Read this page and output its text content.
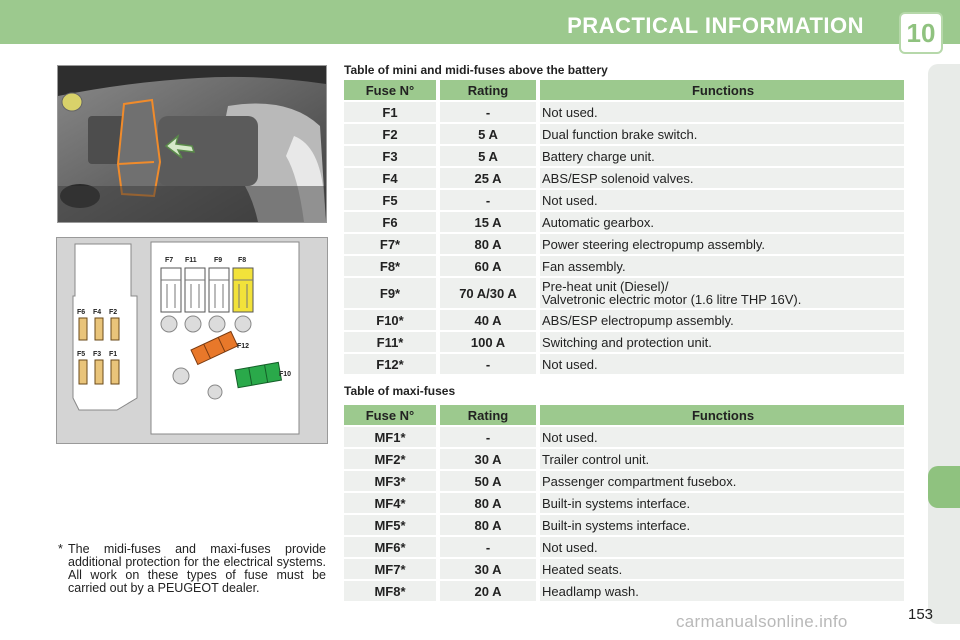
PRACTICAL INFORMATION 10
F7 F11 F9 F8
F6 F4 F2
F5 F3 F1
F12
F10
Table of mini and midi-fuses above the battery
Fuse N°	Rating	Functions
F1	-	Not used.
F2	5 A	Dual function brake switch.
F3	5 A	Battery charge unit.
F4	25 A	ABS/ESP solenoid valves.
F5	-	Not used.
F6	15 A	Automatic gearbox.
F7*	80 A	Power steering electropump assembly.
F8*	60 A	Fan assembly.
F9*	70 A/30 A	Pre-heat unit (Diesel)/
Valvetronic electric motor (1.6 litre THP 16V).
F10*	40 A	ABS/ESP electropump assembly.
F11*	100 A	Switching and protection unit.
F12*	-	Not used.
Table of maxi-fuses
Fuse N°	Rating	Functions
MF1*	-	Not used.
MF2*	30 A	Trailer control unit.
MF3*	50 A	Passenger compartment fusebox.
MF4*	80 A	Built-in systems interface.
MF5*	80 A	Built-in systems interface.
MF6*	-	Not used.
MF7*	30 A	Heated seats.
MF8*	20 A	Headlamp wash.
* The midi-fuses and maxi-fuses provide additional protection for the electrical systems. All work on these types of fuse must be carried out by a PEUGEOT dealer.
carmanualsonline.info	153
